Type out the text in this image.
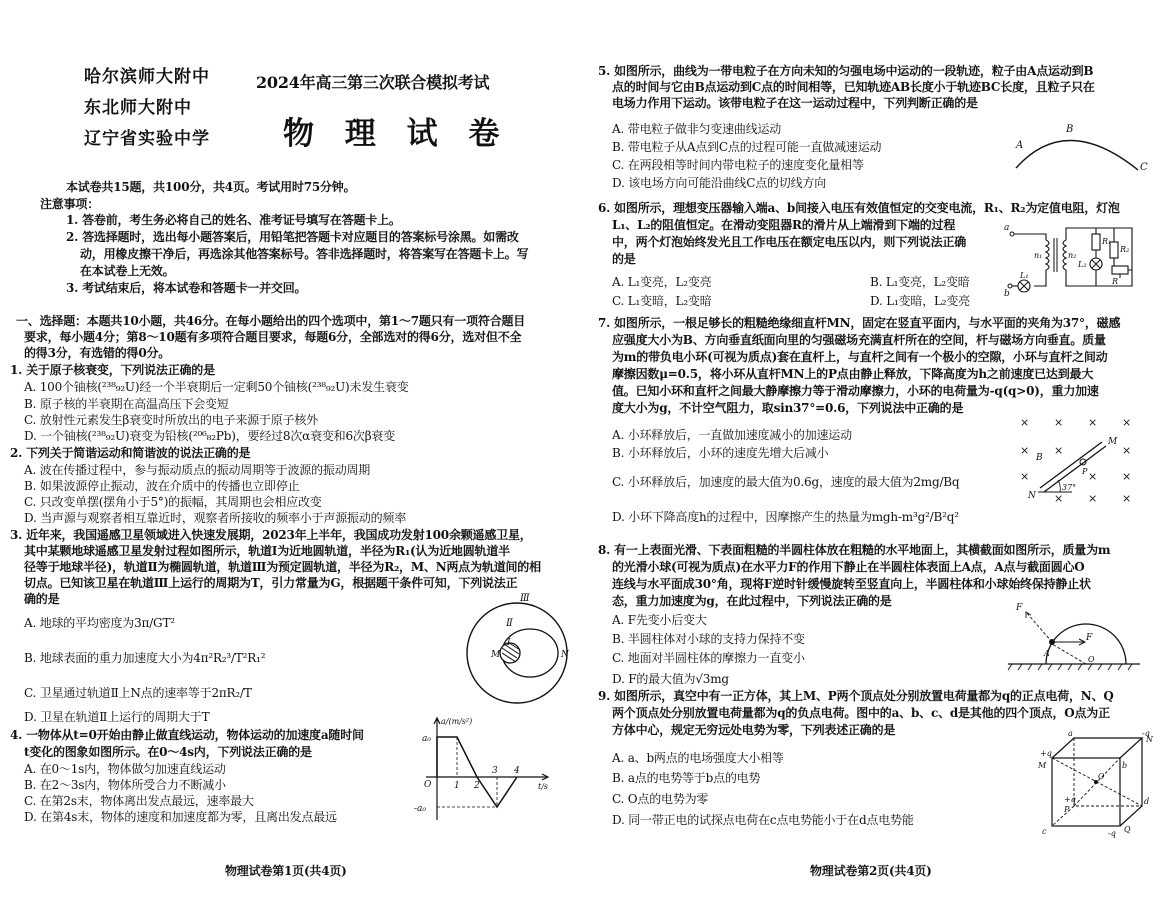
哈尔滨师大附中
东北师大附中
辽宁省实验中学
2024年高三第三次联合模拟考试
物 理 试 卷
本试卷共15题，共100分，共4页。考试用时75分钟。
注意事项：
1. 答卷前，考生务必将自己的姓名、准考证号填写在答题卡上。
2. 答选择题时，选出每小题答案后，用铅笔把答题卡对应题目的答案标号涂黑。如需改
动，用橡皮擦干净后，再选涂其他答案标号。答非选择题时，将答案写在答题卡上。写
在本试卷上无效。
3. 考试结束后，将本试卷和答题卡一并交回。
一、选择题：本题共10小题，共46分。在每小题给出的四个选项中，第1～7题只有一项符合题目
要求，每小题4分；第8～10题有多项符合题目要求，每题6分，全部选对的得6分，选对但不全
的得3分，有选错的得0分。
1. 关于原子核衰变，下列说法正确的是
A. 100个铀核(²³⁸₉₂U)经一个半衰期后一定剩50个铀核(²³⁸₉₂U)未发生衰变
B. 原子核的半衰期在高温高压下会变短
C. 放射性元素发生β衰变时所放出的电子来源于原子核外
D. 一个铀核(²³⁸₉₂U)衰变为铅核(²⁰⁶₈₂Pb)，要经过8次α衰变和6次β衰变
2. 下列关于简谐运动和简谐波的说法正确的是
A. 波在传播过程中，参与振动质点的振动周期等于波源的振动周期
B. 如果波源停止振动，波在介质中的传播也立即停止
C. 只改变单摆(摆角小于5°)的振幅，其周期也会相应改变
D. 当声源与观察者相互靠近时，观察者所接收的频率小于声源振动的频率
3. 近年来，我国遥感卫星领域进入快速发展期，2023年上半年，我国成功发射100余颗遥感卫星，
其中某颗地球遥感卫星发射过程如图所示，轨道Ⅰ为近地圆轨道，半径为R₁(认为近地圆轨道半
径等于地球半径)，轨道Ⅱ为椭圆轨道，轨道Ⅲ为预定圆轨道，半径为R₂，M、N两点为轨道间的相
切点。已知该卫星在轨道Ⅲ上运行的周期为T，引力常量为G，根据题干条件可知，下列说法正
确的是
A. 地球的平均密度为3π/GT²
B. 地球表面的重力加速度大小为4π²R₂³/T²R₁²
C. 卫星通过轨道Ⅱ上N点的速率等于2πR₂/T
D. 卫星在轨道Ⅱ上运行的周期大于T
Ⅲ
Ⅱ
Ⅰ
M	N
4. 一物体从t=0开始由静止做直线运动，物体运动的加速度a随时间
t变化的图象如图所示。在0～4s内，下列说法正确的是
A. 在0～1s内，物体做匀加速直线运动
B. 在2～3s内，物体所受合力不断减小
C. 在第2s末，物体离出发点最远，速率最大
D. 在第4s末，物体的速度和加速度都为零，且离出发点最远
a/(m/s²)
t/s
O
a₀
-a₀
1 2
3 4
物理试卷第1页(共4页)
5. 如图所示，曲线为一带电粒子在方向未知的匀强电场中运动的一段轨迹，粒子由A点运动到B
点的时间与它由B点运动到C点的时间相等，已知轨迹AB长度小于轨迹BC长度，且粒子只在
电场力作用下运动。该带电粒子在这一运动过程中，下列判断正确的是
A. 带电粒子做非匀变速曲线运动
B. 带电粒子从A点到C点的过程可能一直做减速运动
C. 在两段相等时间内带电粒子的速度变化量相等
D. 该电场方向可能沿曲线C点的切线方向
A
B
C
6. 如图所示，理想变压器输入端a、b间接入电压有效值恒定的交变电流，R₁、R₂为定值电阻，灯泡
L₁、L₂的阻值恒定。在滑动变阻器R的滑片从上端滑到下端的过程
中，两个灯泡始终发光且工作电压在额定电压以内，则下列说法正确
的是
A. L₁变亮，L₂变亮	B. L₁变亮，L₂变暗
C. L₁变暗，L₂变暗	D. L₁变暗，L₂变亮
a
b
L₁
n₁	n₂
R₁
R₂
L₂
R
7. 如图所示，一根足够长的粗糙绝缘细直杆MN，固定在竖直平面内，与水平面的夹角为37°，磁感
应强度大小为B、方向垂直纸面向里的匀强磁场充满直杆所在的空间，杆与磁场方向垂直。质量
为m的带负电小环(可视为质点)套在直杆上，与直杆之间有一个极小的空隙，小环与直杆之间动
摩擦因数μ=0.5，将小环从直杆MN上的P点由静止释放，下降高度为h之前速度已达到最大
值。已知小环和直杆之间最大静摩擦力等于滑动摩擦力，小环的电荷量为-q(q>0)，重力加速
度大小为g，不计空气阻力，取sin37°=0.6，下列说法中正确的是
A. 小环释放后，一直做加速度减小的加速运动
B. 小环释放后，小环的速度先增大后减小
C. 小环释放后，加速度的最大值为0.6g，速度的最大值为2mg/Bq
D. 小环下降高度h的过程中，因摩擦产生的热量为mgh-m³g²/B²q²
× × × ×
× ×	×
×	× ×
× × ×
B
M
P
N
37°
8. 有一上表面光滑、下表面粗糙的半圆柱体放在粗糙的水平地面上，其横截面如图所示，质量为m
的光滑小球(可视为质点)在水平力F的作用下静止在半圆柱体表面上A点，A点与截面圆心O
连线与水平面成30°角，现将F逆时针缓慢旋转至竖直向上，半圆柱体和小球始终保持静止状
态，重力加速度为g，在此过程中，下列说法正确的是
A. F先变小后变大
B. 半圆柱体对小球的支持力保持不变
C. 地面对半圆柱体的摩擦力一直变小
D. F的最大值为√3mg
F
F
A
O
9. 如图所示，真空中有一正方体，其上M、P两个顶点处分别放置电荷量都为q的正点电荷，N、Q
两个顶点处分别放置电荷量都为q的负点电荷。图中的a、b、c、d是其他的四个顶点，O点为正
方体中心，规定无穷远处电势为零，下列表述正确的是
A. a、b两点的电场强度大小相等
B. a点的电势等于b点的电势
C. O点的电势为零
D. 同一带正电的试探点电荷在c点电势能小于在d点电势能
+q
-q
M
a
b
N
O
d
+q
P
c	-q Q
物理试卷第2页(共4页)
